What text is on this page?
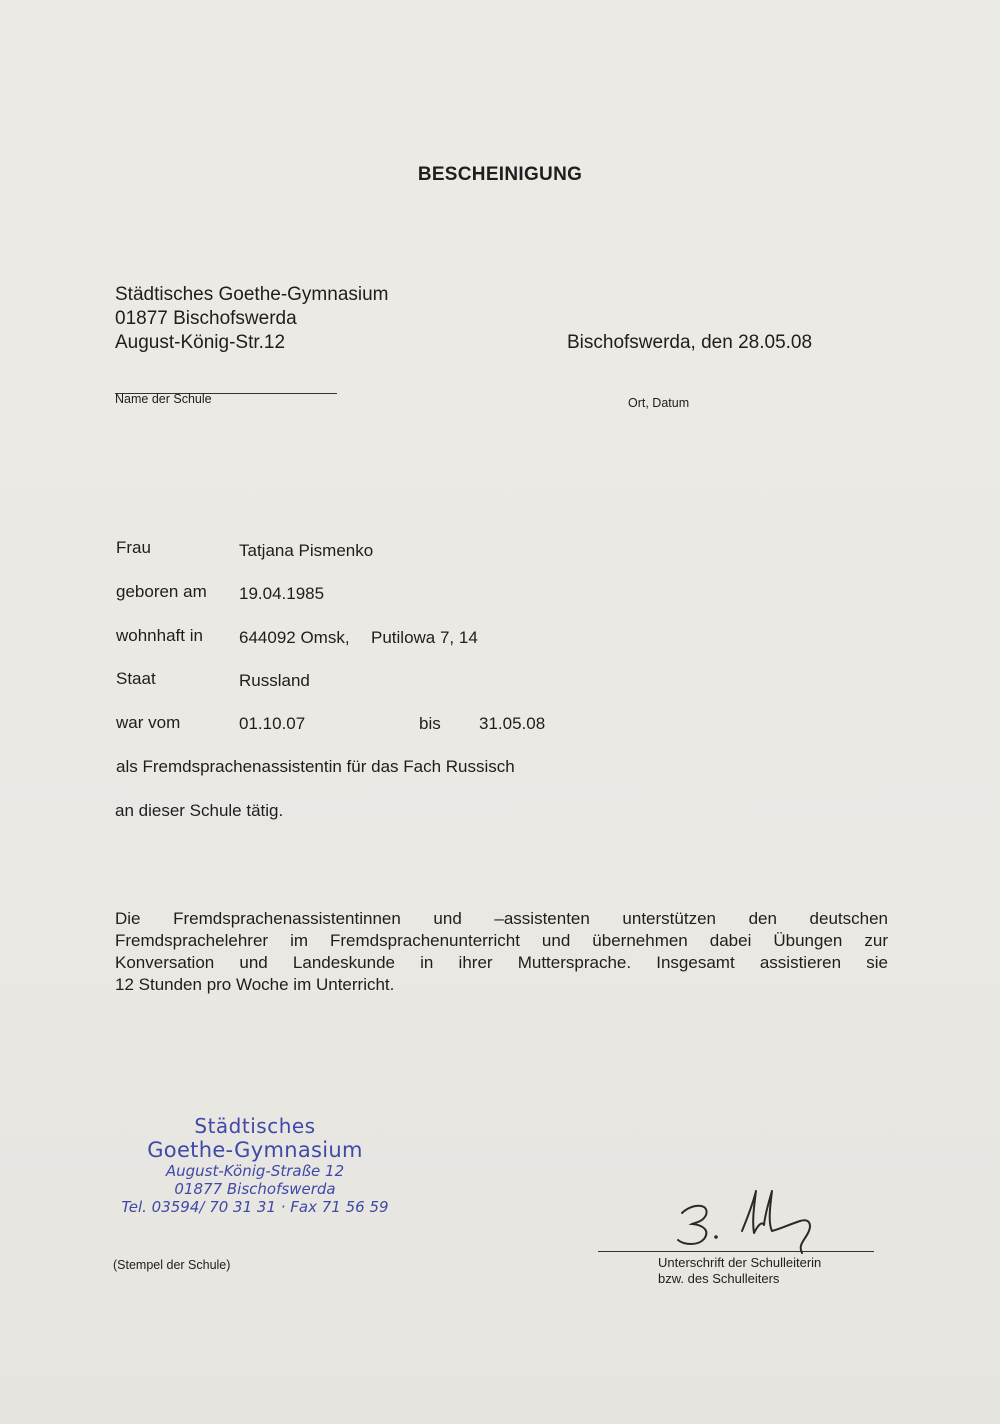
BESCHEINIGUNG
Städtisches Goethe-Gymnasium
01877 Bischofswerda
August-König-Str.12	Bischofswerda, den 28.05.08
Name der Schule	Ort, Datum
Frau	Tatjana Pismenko
geboren am 19.04.1985
wohnhaft in 644092 Omsk, Putilowa 7, 14
Staat	Russland
war vom	01.10.07	bis 31.05.08
als Fremdsprachenassistentin für das Fach Russisch
an dieser Schule tätig.
Die Fremdsprachenassistentinnen und –assistenten unterstützen den deutschen
Fremdsprachelehrer im Fremdsprachenunterricht und übernehmen dabei Übungen zur
Konversation und Landeskunde in ihrer Muttersprache. Insgesamt assistieren sie
12 Stunden pro Woche im Unterricht.
Städtisches
Goethe-Gymnasium
August-König-Straße 12
01877 Bischofswerda
Tel. 03594/ 70 31 31 · Fax 71 56 59
(Stempel der Schule)	Unterschrift der Schulleiterin
bzw. des Schulleiters
